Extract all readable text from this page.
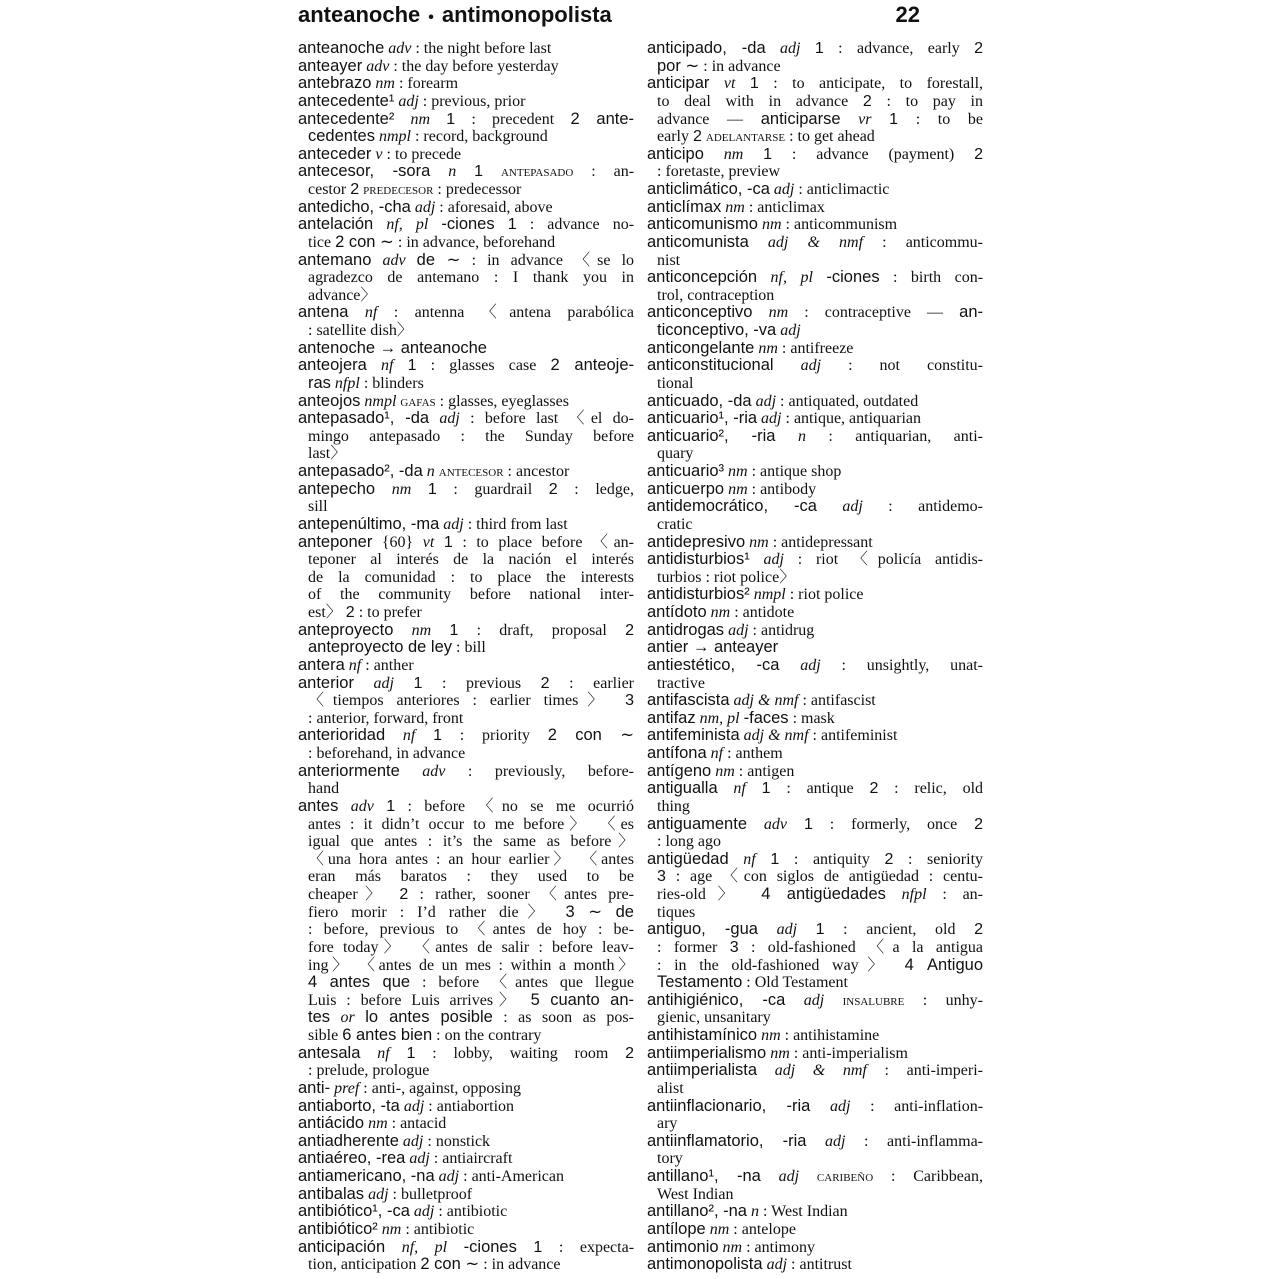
anteanoche • antimonopolista	22
anteanoche adv : the night before last
anteayer adv : the day before yesterday
antebrazo nm : forearm
antecedente¹ adj : previous, prior
antecedente² nm 1 : precedent 2 ante-
cedentes nmpl : record, background
anteceder v : to precede
antecesor, -sora n 1 antepasado : an-
cestor 2 predecesor : predecessor
antedicho, -cha adj : aforesaid, above
antelación nf, pl -ciones 1 : advance no-
tice 2 con ∼ : in advance, beforehand
antemano adv de ∼ : in advance 〈se lo
agradezco de antemano : I thank you in
advance〉
antena nf : antenna 〈antena parabólica
: satellite dish〉
antenoche → anteanoche
anteojera nf 1 : glasses case 2 anteoje-
ras nfpl : blinders
anteojos nmpl gafas : glasses, eyeglasses
antepasado¹, -da adj : before last 〈el do-
mingo antepasado : the Sunday before
last〉
antepasado², -da n antecesor : ancestor
antepecho nm 1 : guardrail 2 : ledge,
sill
antepenúltimo, -ma adj : third from last
anteponer {60} vt 1 : to place before 〈an-
teponer al interés de la nación el interés
de la comunidad : to place the interests
of the community before national inter-
est〉 2 : to prefer
anteproyecto nm 1 : draft, proposal 2
anteproyecto de ley : bill
antera nf : anther
anterior adj 1 : previous 2 : earlier
〈tiempos anteriores : earlier times〉 3
: anterior, forward, front
anterioridad nf 1 : priority 2 con ∼
: beforehand, in advance
anteriormente adv : previously, before-
hand
antes adv 1 : before 〈no se me ocurrió
antes : it didn’t occur to me before〉 〈es
igual que antes : it’s the same as before〉
〈una hora antes : an hour earlier〉 〈antes
eran más baratos : they used to be
cheaper〉 2 : rather, sooner 〈antes pre-
fiero morir : I’d rather die〉 3 ∼ de
: before, previous to 〈antes de hoy : be-
fore today〉 〈antes de salir : before leav-
ing〉 〈antes de un mes : within a month〉
4 antes que : before 〈antes que llegue
Luis : before Luis arrives〉 5 cuanto an-
tes or lo antes posible : as soon as pos-
sible 6 antes bien : on the contrary
antesala nf 1 : lobby, waiting room 2
: prelude, prologue
anti- pref : anti-, against, opposing
antiaborto, -ta adj : antiabortion
antiácido nm : antacid
antiadherente adj : nonstick
antiaéreo, -rea adj : antiaircraft
antiamericano, -na adj : anti-American
antibalas adj : bulletproof
antibiótico¹, -ca adj : antibiotic
antibiótico² nm : antibiotic
anticipación nf, pl -ciones 1 : expecta-
tion, anticipation 2 con ∼ : in advance
anticipado, -da adj 1 : advance, early 2
por ∼ : in advance
anticipar vt 1 : to anticipate, to forestall,
to deal with in advance 2 : to pay in
advance — anticiparse vr 1 : to be
early 2 adelantarse : to get ahead
anticipo nm 1 : advance (payment) 2
: foretaste, preview
anticlimático, -ca adj : anticlimactic
anticlímax nm : anticlimax
anticomunismo nm : anticommunism
anticomunista adj & nmf : anticommu-
nist
anticoncepción nf, pl -ciones : birth con-
trol, contraception
anticonceptivo nm : contraceptive — an-
ticonceptivo, -va adj
anticongelante nm : antifreeze
anticonstitucional adj : not constitu-
tional
anticuado, -da adj : antiquated, outdated
anticuario¹, -ria adj : antique, antiquarian
anticuario², -ria n : antiquarian, anti-
quary
anticuario³ nm : antique shop
anticuerpo nm : antibody
antidemocrático, -ca adj : antidemo-
cratic
antidepresivo nm : antidepressant
antidisturbios¹ adj : riot 〈policía antidis-
turbios : riot police〉
antidisturbios² nmpl : riot police
antídoto nm : antidote
antidrogas adj : antidrug
antier → anteayer
antiestético, -ca adj : unsightly, unat-
tractive
antifascista adj & nmf : antifascist
antifaz nm, pl -faces : mask
antifeminista adj & nmf : antifeminist
antífona nf : anthem
antígeno nm : antigen
antigualla nf 1 : antique 2 : relic, old
thing
antiguamente adv 1 : formerly, once 2
: long ago
antigüedad nf 1 : antiquity 2 : seniority
3 : age 〈con siglos de antigüedad : centu-
ries-old〉 4 antigüedades nfpl : an-
tiques
antiguo, -gua adj 1 : ancient, old 2
: former 3 : old-fashioned 〈a la antigua
: in the old-fashioned way〉 4 Antiguo
Testamento : Old Testament
antihigiénico, -ca adj insalubre : unhy-
gienic, unsanitary
antihistamínico nm : antihistamine
antiimperialismo nm : anti-imperialism
antiimperialista adj & nmf : anti-imperi-
alist
antiinflacionario, -ria adj : anti-inflation-
ary
antiinflamatorio, -ria adj : anti-inflamma-
tory
antillano¹, -na adj caribeño : Caribbean,
West Indian
antillano², -na n : West Indian
antílope nm : antelope
antimonio nm : antimony
antimonopolista adj : antitrust
